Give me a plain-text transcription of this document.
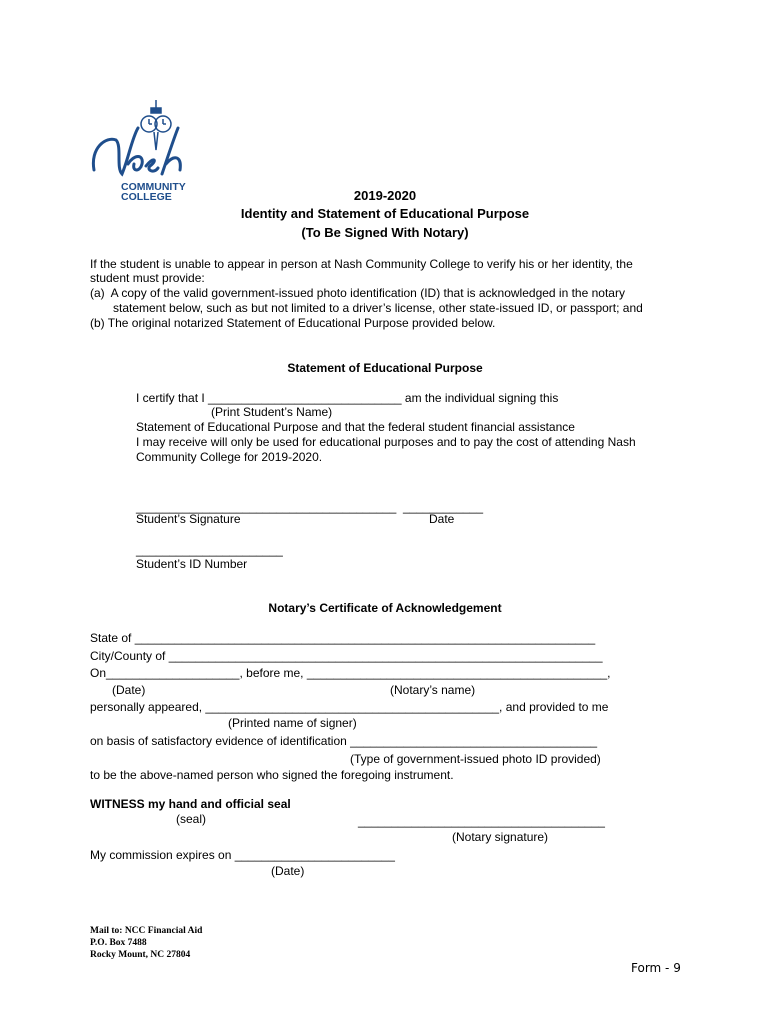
COMMUNITY
COLLEGE	2019-2020
Identity and Statement of Educational Purpose
(To Be Signed With Notary)
If the student is unable to appear in person at Nash Community College to verify his or her identity, the
student must provide:
(a)  A copy of the valid government-issued photo identification (ID) that is acknowledged in the notary
statement below, such as but not limited to a driver’s license, other state-issued ID, or passport; and
(b) The original notarized Statement of Educational Purpose provided below.
Statement of Educational Purpose
I certify that I _____________________________ am the individual signing this
(Print Student’s Name)
Statement of Educational Purpose and that the federal student financial assistance
I may receive will only be used for educational purposes and to pay the cost of attending Nash
Community College for 2019-2020.
_______________________________________  ____________
Student’s Signature	Date
______________________
Student’s ID Number
Notary’s Certificate of Acknowledgement
State of _____________________________________________________________________
City/County of _________________________________________________________________
On____________________, before me, _____________________________________________,
(Date)	(Notary’s name)
personally appeared, ____________________________________________, and provided to me
(Printed name of signer)
on basis of satisfactory evidence of identification _____________________________________
(Type of government-issued photo ID provided)
to be the above-named person who signed the foregoing instrument.
WITNESS my hand and official seal
(seal)	_____________________________________
(Notary signature)
My commission expires on ________________________
(Date)
Mail to: NCC Financial Aid
P.O. Box 7488
Rocky Mount, NC 27804
Form - 9
